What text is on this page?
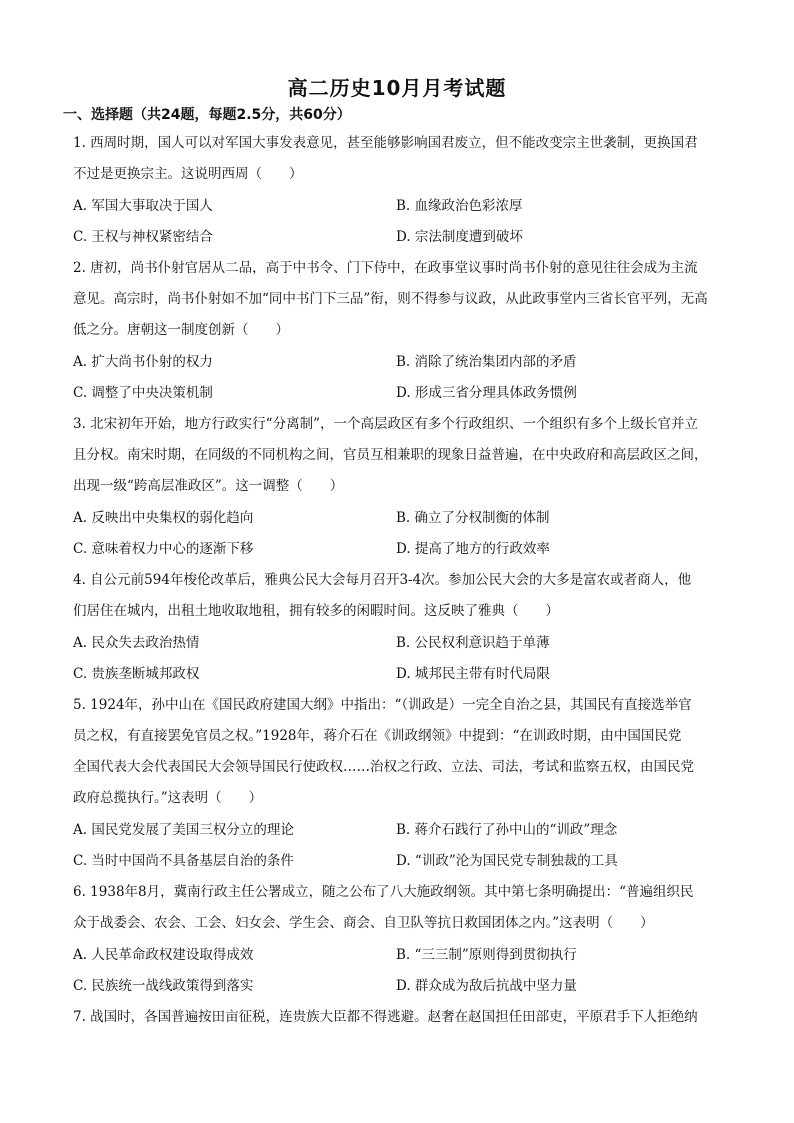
高二历史10月月考试题
一、选择题（共24题，每题2.5分，共60分）
1. 西周时期，国人可以对军国大事发表意见，甚至能够影响国君废立，但不能改变宗主世袭制，更换国君
不过是更换宗主。这说明西周（　　）
A. 军国大事取决于国人	B. 血缘政治色彩浓厚
C. 王权与神权紧密结合	D. 宗法制度遭到破坏
2. 唐初，尚书仆射官居从二品，高于中书令、门下侍中，在政事堂议事时尚书仆射的意见往往会成为主流
意见。高宗时，尚书仆射如不加“同中书门下三品”衔，则不得参与议政，从此政事堂内三省长官平列，无高
低之分。唐朝这一制度创新（　　）
A. 扩大尚书仆射的权力	B. 消除了统治集团内部的矛盾
C. 调整了中央决策机制	D. 形成三省分理具体政务惯例
3. 北宋初年开始，地方行政实行“分离制”，一个高层政区有多个行政组织、一个组织有多个上级长官并立
且分权。南宋时期，在同级的不同机构之间，官员互相兼职的现象日益普遍，在中央政府和高层政区之间，
出现一级“跨高层准政区”。这一调整（　　）
A. 反映出中央集权的弱化趋向	B. 确立了分权制衡的体制
C. 意味着权力中心的逐渐下移	D. 提高了地方的行政效率
4. 自公元前594年梭伦改革后，雅典公民大会每月召开3-4次。参加公民大会的大多是富农或者商人，他
们居住在城内，出租土地收取地租，拥有较多的闲暇时间。这反映了雅典（　　）
A. 民众失去政治热情	B. 公民权利意识趋于单薄
C. 贵族垄断城邦政权	D. 城邦民主带有时代局限
5. 1924年，孙中山在《国民政府建国大纲》中指出：“（训政是）一完全自治之县，其国民有直接选举官
员之权，有直接罢免官员之权。”1928年，蒋介石在《训政纲领》中提到：“在训政时期，由中国国民党
全国代表大会代表国民大会领导国民行使政权……治权之行政、立法、司法，考试和监察五权，由国民党
政府总揽执行。”这表明（　　）
A. 国民党发展了美国三权分立的理论	B. 蒋介石践行了孙中山的“训政”理念
C. 当时中国尚不具备基层自治的条件	D. “训政”沦为国民党专制独裁的工具
6. 1938年8月，冀南行政主任公署成立，随之公布了八大施政纲领。其中第七条明确提出：“普遍组织民
众于战委会、农会、工会、妇女会、学生会、商会、自卫队等抗日救国团体之内。”这表明（　　）
A. 人民革命政权建设取得成效	B. “三三制”原则得到贯彻执行
C. 民族统一战线政策得到落实	D. 群众成为敌后抗战中坚力量
7. 战国时，各国普遍按田亩征税，连贵族大臣都不得逃避。赵奢在赵国担任田部吏，平原君手下人拒绝纳
